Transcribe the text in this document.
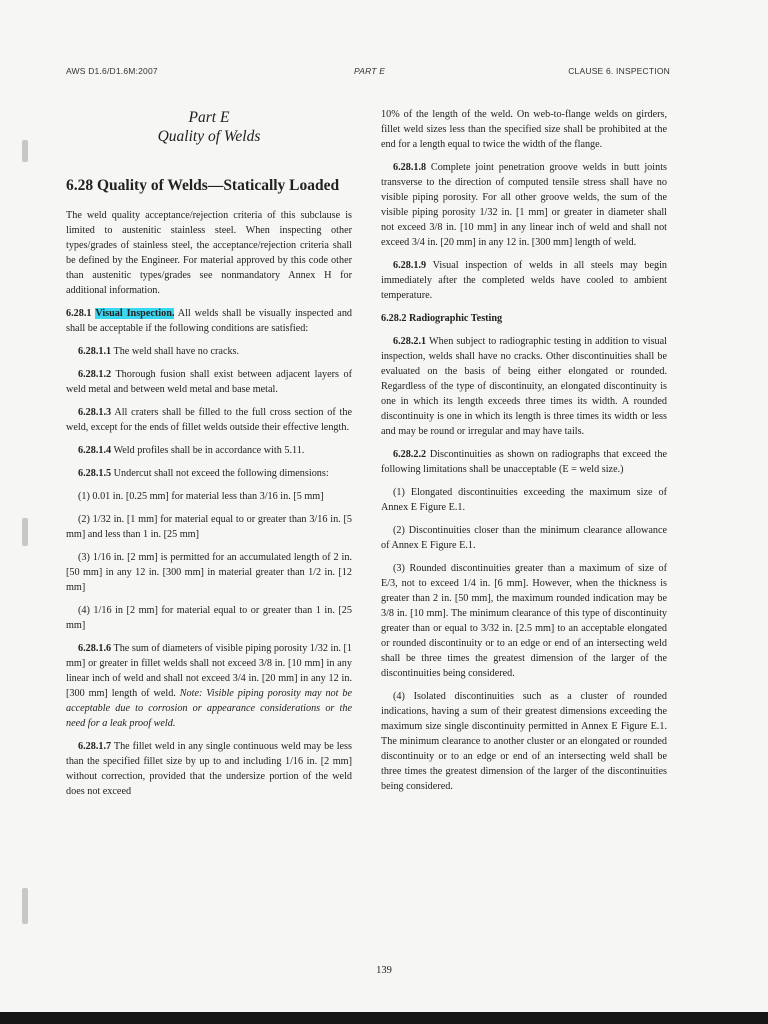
AWS D1.6/D1.6M:2007	PART E	CLAUSE 6. INSPECTION
Part E
Quality of Welds
6.28 Quality of Welds—Statically Loaded

The weld quality acceptance/rejection criteria of this subclause is limited to austenitic stainless steel. When inspecting other types/grades of stainless steel, the acceptance/rejection criteria shall be defined by the Engineer. For material approved by this code other than austenitic types/grades see nonmandatory Annex H for additional information.

6.28.1 Visual Inspection. All welds shall be visually inspected and shall be acceptable if the following conditions are satisfied:

6.28.1.1 The weld shall have no cracks.

6.28.1.2 Thorough fusion shall exist between adjacent layers of weld metal and between weld metal and base metal.

6.28.1.3 All craters shall be filled to the full cross section of the weld, except for the ends of fillet welds outside their effective length.

6.28.1.4 Weld profiles shall be in accordance with 5.11.

6.28.1.5 Undercut shall not exceed the following dimensions:

(1) 0.01 in. [0.25 mm] for material less than 3/16 in. [5 mm]

(2) 1/32 in. [1 mm] for material equal to or greater than 3/16 in. [5 mm] and less than 1 in. [25 mm]

(3) 1/16 in. [2 mm] is permitted for an accumulated length of 2 in. [50 mm] in any 12 in. [300 mm] in material greater than 1/2 in. [12 mm]

(4) 1/16 in [2 mm] for material equal to or greater than 1 in. [25 mm]

6.28.1.6 The sum of diameters of visible piping porosity 1/32 in. [1 mm] or greater in fillet welds shall not exceed 3/8 in. [10 mm] in any linear inch of weld and shall not exceed 3/4 in. [20 mm] in any 12 in. [300 mm] length of weld. Note: Visible piping porosity may not be acceptable due to corrosion or appearance considerations or the need for a leak proof weld.

6.28.1.7 The fillet weld in any single continuous weld may be less than the specified fillet size by up to and including 1/16 in. [2 mm] without correction, provided that the undersize portion of the weld does not exceed

10% of the length of the weld. On web-to-flange welds on girders, fillet weld sizes less than the specified size shall be prohibited at the end for a length equal to twice the width of the flange.

6.28.1.8 Complete joint penetration groove welds in butt joints transverse to the direction of computed tensile stress shall have no visible piping porosity. For all other groove welds, the sum of the visible piping porosity 1/32 in. [1 mm] or greater in diameter shall not exceed 3/8 in. [10 mm] in any linear inch of weld and shall not exceed 3/4 in. [20 mm] in any 12 in. [300 mm] length of weld.

6.28.1.9 Visual inspection of welds in all steels may begin immediately after the completed welds have cooled to ambient temperature.

6.28.2 Radiographic Testing

6.28.2.1 When subject to radiographic testing in addition to visual inspection, welds shall have no cracks. Other discontinuities shall be evaluated on the basis of being either elongated or rounded. Regardless of the type of discontinuity, an elongated discontinuity is one in which its length exceeds three times its width. A rounded discontinuity is one in which its length is three times its width or less and may be round or irregular and may have tails.

6.28.2.2 Discontinuities as shown on radiographs that exceed the following limitations shall be unacceptable (E = weld size.)

(1) Elongated discontinuities exceeding the maximum size of Annex E Figure E.1.

(2) Discontinuities closer than the minimum clearance allowance of Annex E Figure E.1.

(3) Rounded discontinuities greater than a maximum of size of E/3, not to exceed 1/4 in. [6 mm]. However, when the thickness is greater than 2 in. [50 mm], the maximum rounded indication may be 3/8 in. [10 mm]. The minimum clearance of this type of discontinuity greater than or equal to 3/32 in. [2.5 mm] to an acceptable elongated or rounded discontinuity or to an edge or end of an intersecting weld shall be three times the greatest dimension of the larger of the discontinuities being considered.

(4) Isolated discontinuities such as a cluster of rounded indications, having a sum of their greatest dimensions exceeding the maximum size single discontinuity permitted in Annex E Figure E.1. The minimum clearance to another cluster or an elongated or rounded discontinuity or to an edge or end of an intersecting weld shall be three times the greatest dimension of the larger of the discontinuities being considered.

139
